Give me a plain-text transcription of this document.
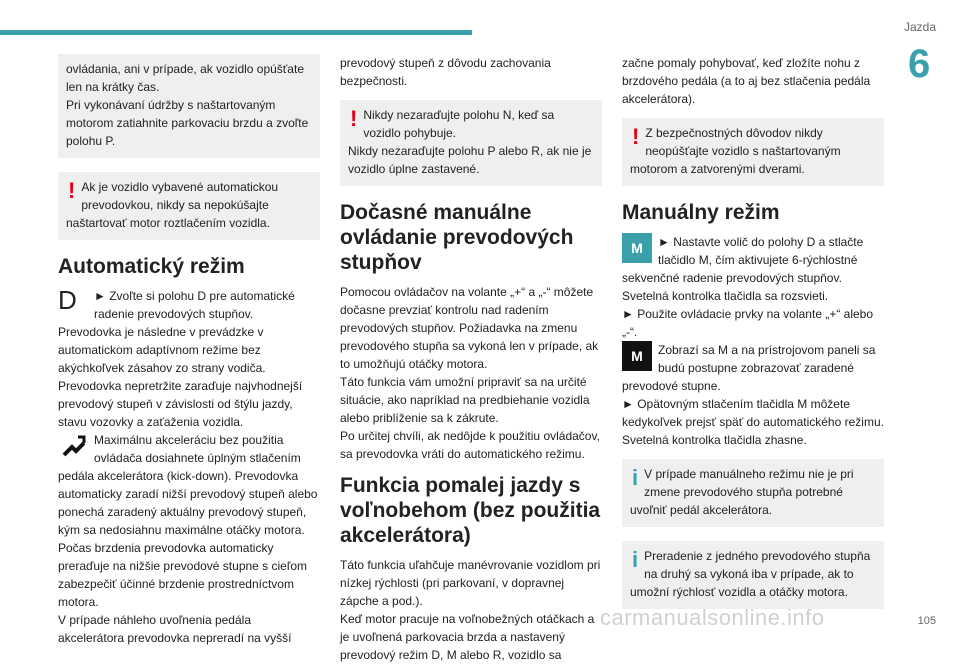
Jazda
6

ovládania, ani v prípade, ak vozidlo opúšťate len na krátky čas.

Pri vykonávaní údržby s naštartovaným motorom zatiahnite parkovaciu brzdu a zvoľte polohu P.

! Ak je vozidlo vybavené automatickou prevodovkou, nikdy sa nepokúšajte naštartovať motor roztlačením vozidla.

Automatický režim
D	► Zvoľte si polohu D pre automatické radenie prevodových stupňov.

Prevodovka je následne v prevádzke v automatickom adaptívnom režime bez akýchkoľvek zásahov zo strany vodiča.

Prevodovka nepretržite zaraďuje najvhodnejší prevodový stupeň v závislosti od štýlu jazdy, stavu vozovky a zaťaženia vozidla.

Maximálnu akceleráciu bez použitia ovládača dosiahnete úplným stlačením pedála akcelerátora (kick-down). Prevodovka automaticky zaradí nižší prevodový stupeň alebo ponechá zaradený aktuálny prevodový stupeň, kým sa nedosiahnu maximálne otáčky motora.

Počas brzdenia prevodovka automaticky preraďuje na nižšie prevodové stupne s cieľom zabezpečiť účinné brzdenie prostredníctvom motora.

V prípade náhleho uvoľnenia pedála akcelerátora prevodovka nepreradí na vyšší

prevodový stupeň z dôvodu zachovania bezpečnosti.

! Nikdy nezaraďujte polohu N, keď sa vozidlo pohybuje.

Nikdy nezaraďujte polohu P alebo R, ak nie je vozidlo úplne zastavené.

Dočasné manuálne ovládanie prevodových stupňov

Pomocou ovládačov na volante „+“ a „-“ môžete dočasne prevziať kontrolu nad radením prevodových stupňov. Požiadavka na zmenu prevodového stupňa sa vykoná len v prípade, ak to umožňujú otáčky motora.

Táto funkcia vám umožní pripraviť sa na určité situácie, ako napríklad na predbiehanie vozidla alebo priblíženie sa k zákrute.

Po určitej chvíli, ak nedôjde k použitiu ovládačov, sa prevodovka vráti do automatického režimu.

Funkcia pomalej jazdy s voľnobehom (bez použitia akcelerátora)

Táto funkcia uľahčuje manévrovanie vozidlom pri nízkej rýchlosti (pri parkovaní, v dopravnej zápche a pod.).

Keď motor pracuje na voľnobežných otáčkach a je uvoľnená parkovacia brzda a nastavený prevodový režim D, M alebo R, vozidlo sa

začne pomaly pohybovať, keď zložíte nohu z brzdového pedála (a to aj bez stlačenia pedála akcelerátora).

! Z bezpečnostných dôvodov nikdy neopúšťajte vozidlo s naštartovaným motorom a zatvorenými dverami.

Manuálny režim
M	► Nastavte volič do polohy D a stlačte tlačidlo M, čím aktivujete 6-rýchlostné sekvenčné radenie prevodových stupňov.

Svetelná kontrolka tlačidla sa rozsvieti.

► Použite ovládacie prvky na volante „+“ alebo „-“.

M	Zobrazí sa M a na prístrojovom paneli sa budú postupne zobrazovať zaradené prevodové stupne.

► Opätovným stlačením tlačidla M môžete kedykoľvek prejsť späť do automatického režimu.

Svetelná kontrolka tlačidla zhasne.

i V prípade manuálneho režimu nie je pri zmene prevodového stupňa potrebné uvoľniť pedál akcelerátora.

i Preradenie z jedného prevodového stupňa na druhý sa vykoná iba v prípade, ak to umožní rýchlosť vozidla a otáčky motora.

carmanualsonline.info	105
